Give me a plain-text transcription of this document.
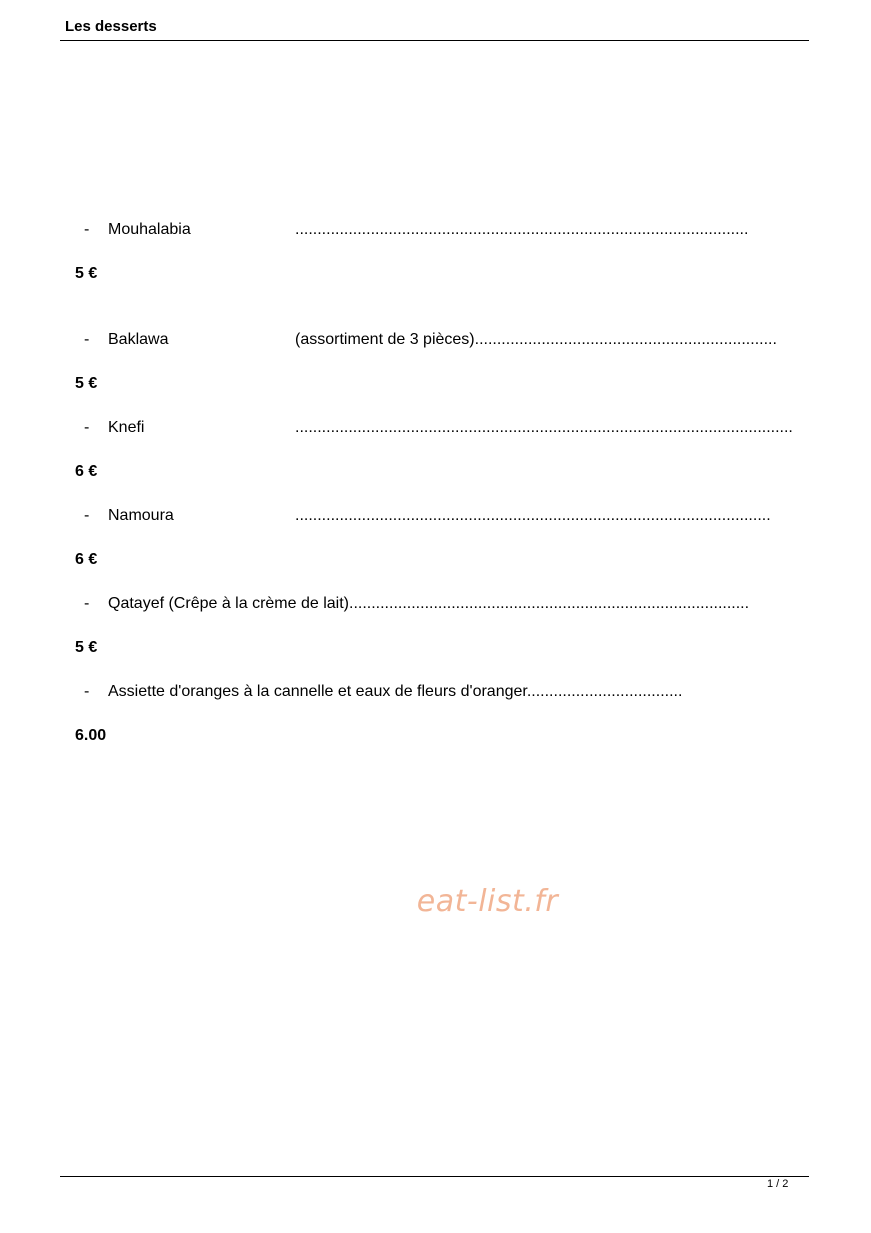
Les desserts
- Mouhalabia	......................................................................................................
5 €
- Baklawa	(assortiment de 3 pièces)....................................................................
5 €
- Knefi	................................................................................................................
6 €
- Namoura	...........................................................................................................
6 €
- Qatayef (Crêpe à la crème de lait)..........................................................................................
5 €
- Assiette d'oranges à la cannelle et eaux de fleurs d'oranger...................................
6.00
eat-list.fr
1 / 2
